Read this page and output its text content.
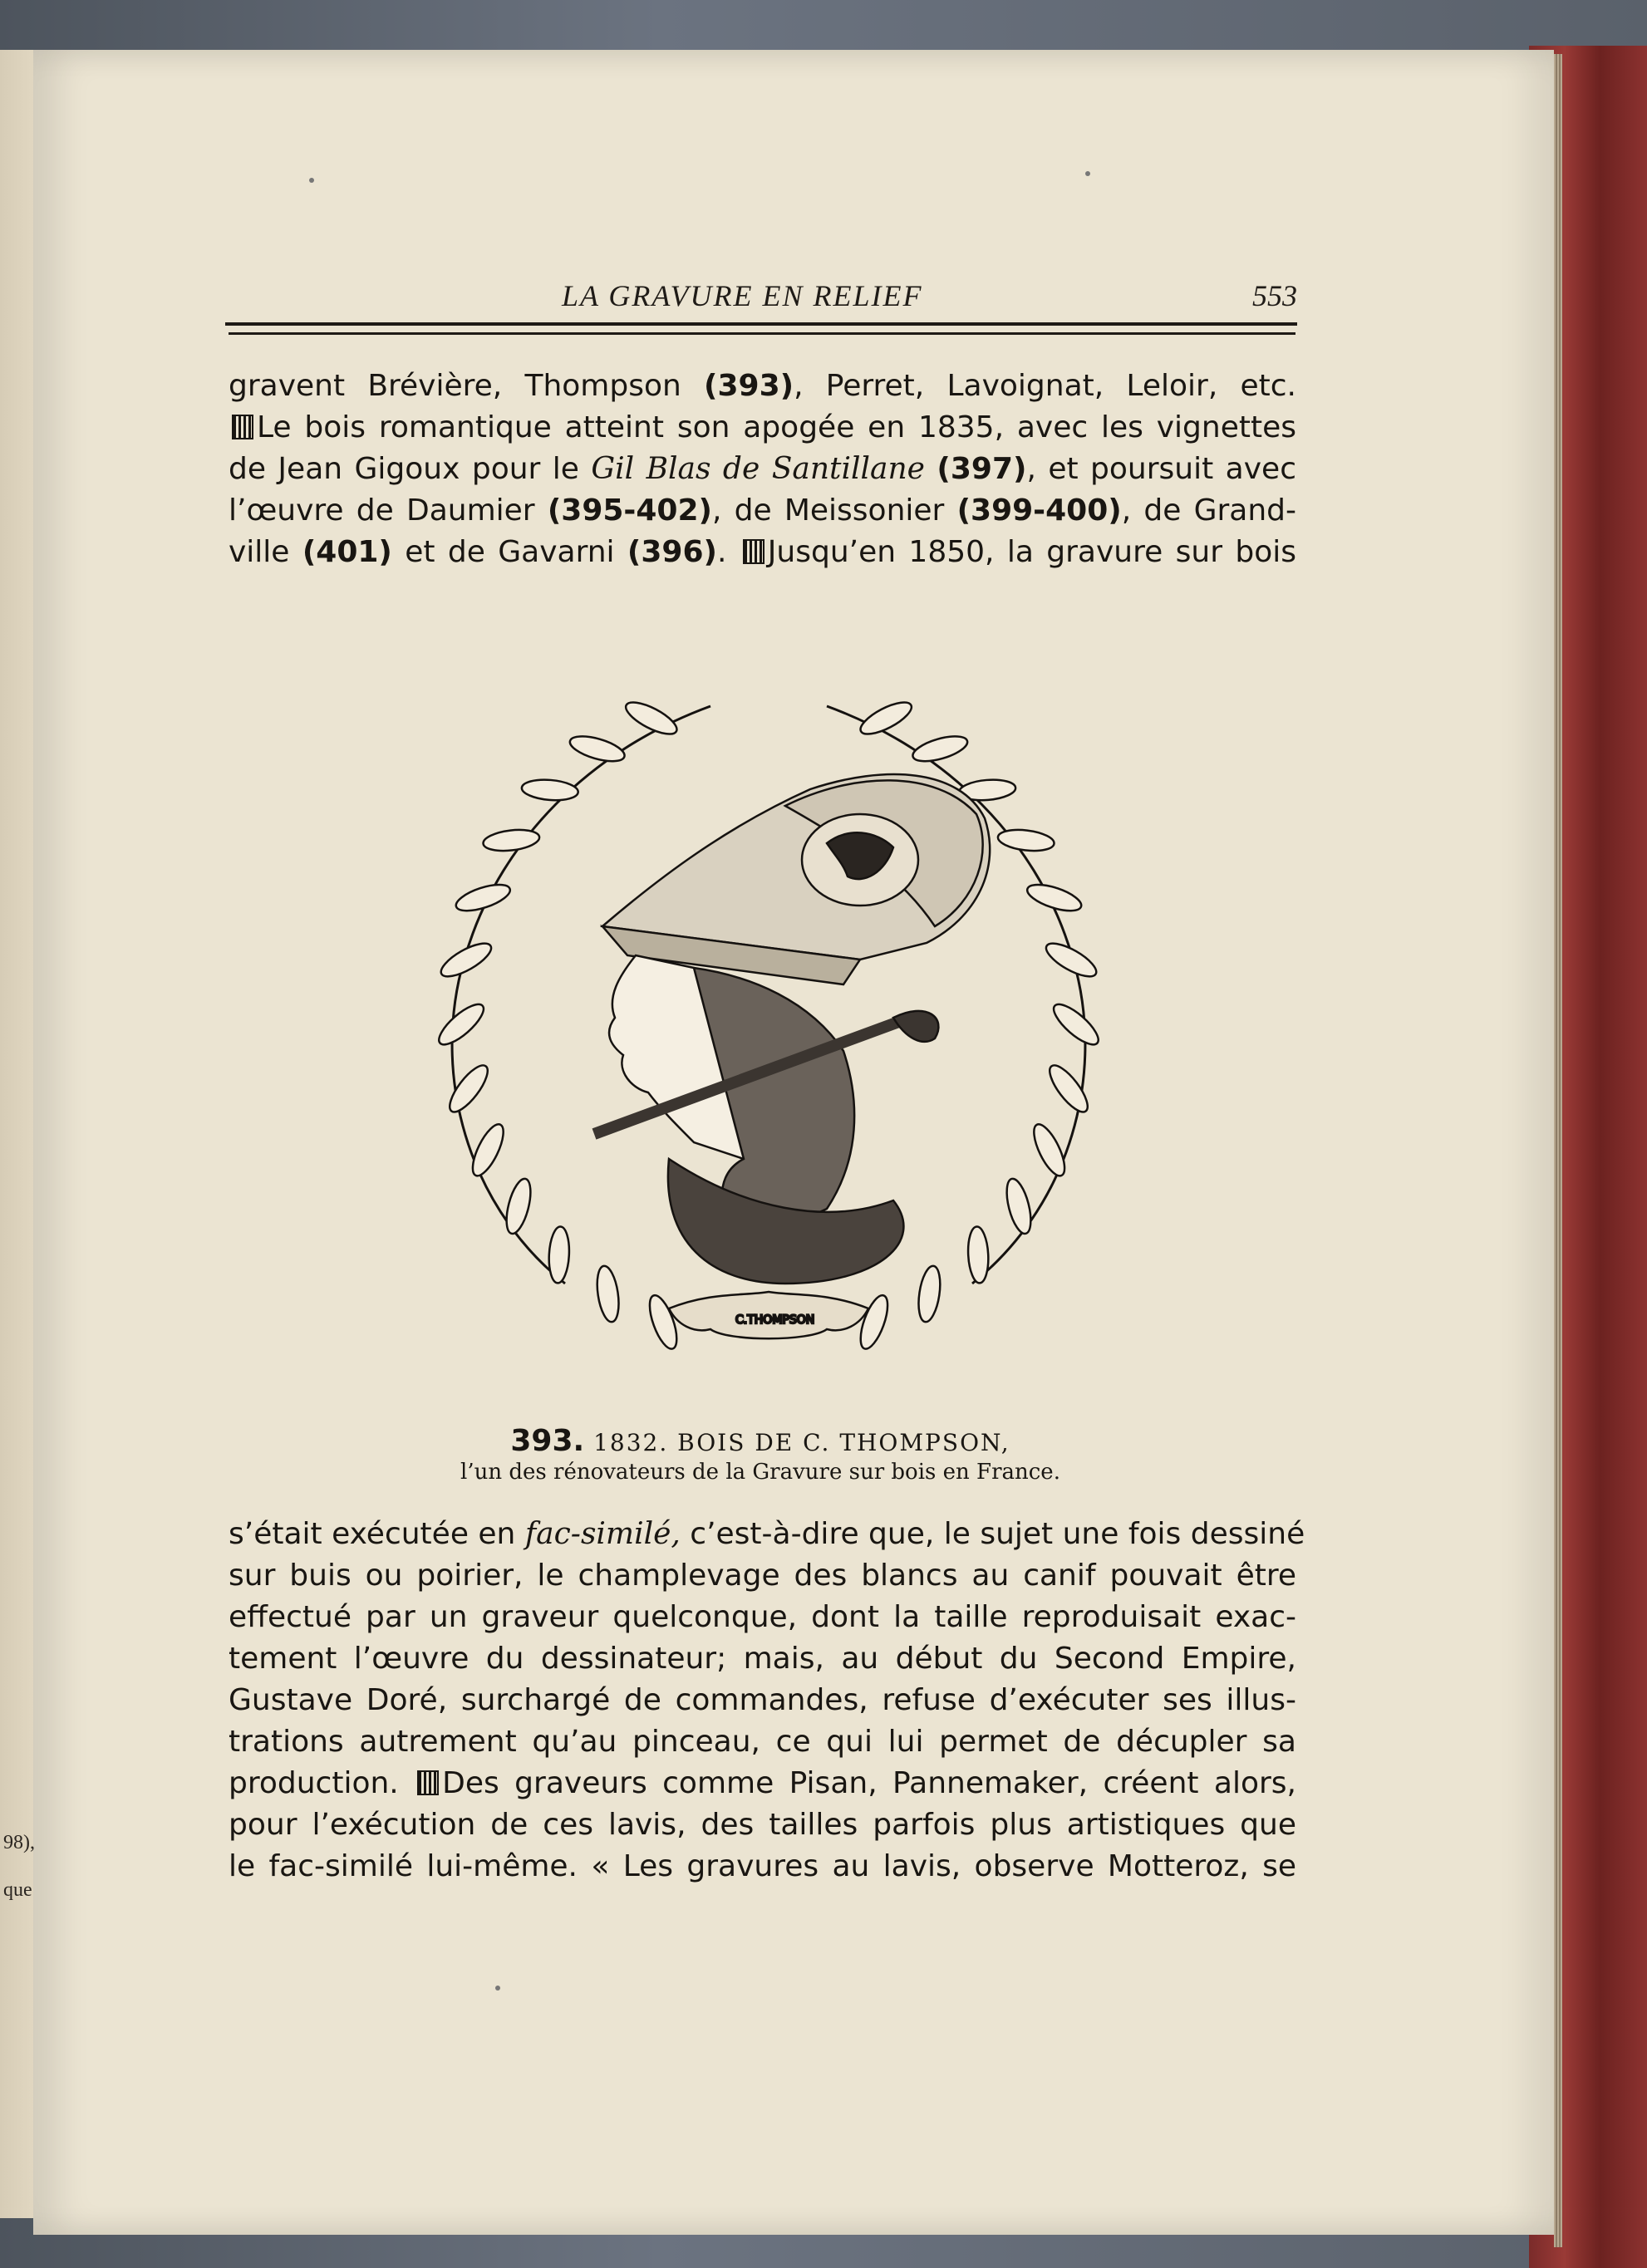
98),
que
LA GRAVURE EN RELIEF	553
gravent Brévière, Thompson (393), Perret, Lavoignat, Leloir, etc.
Le bois romantique atteint son apogée en 1835, avec les vignettes
de Jean Gigoux pour le Gil Blas de Santillane (397), et poursuit avec
l’œuvre de Daumier (395-402), de Meissonier (399-400), de Grand-
ville (401) et de Gavarni (396). Jusqu’en 1850, la gravure sur bois
C.THOMPSON
393. 1832. BOIS DE C. THOMPSON,
l’un des rénovateurs de la Gravure sur bois en France.
s’était exécutée en fac-similé, c’est-à-dire que, le sujet une fois dessiné
sur buis ou poirier, le champlevage des blancs au canif pouvait être
effectué par un graveur quelconque, dont la taille reproduisait exac-
tement l’œuvre du dessinateur; mais, au début du Second Empire,
Gustave Doré, surchargé de commandes, refuse d’exécuter ses illus-
trations autrement qu’au pinceau, ce qui lui permet de décupler sa
production. Des graveurs comme Pisan, Pannemaker, créent alors,
pour l’exécution de ces lavis, des tailles parfois plus artistiques que
le fac-similé lui-même. « Les gravures au lavis, observe Motteroz, se
